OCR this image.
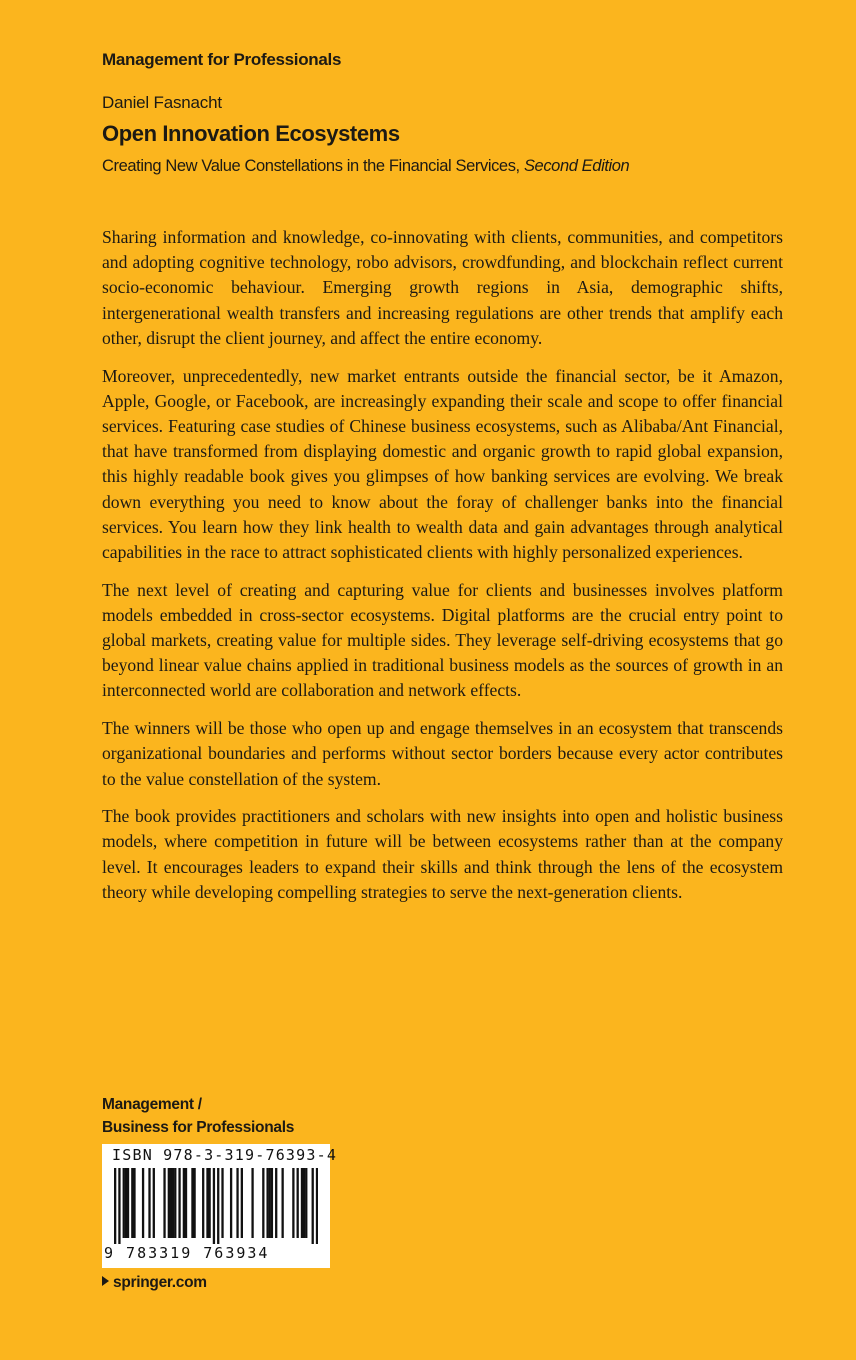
Management for Professionals
Daniel Fasnacht
Open Innovation Ecosystems
Creating New Value Constellations in the Financial Services, Second Edition

Sharing information and knowledge, co-innovating with clients, communities, and competitors and adopting cognitive technology, robo advisors, crowdfunding, and blockchain reflect current socio-economic behaviour. Emerging growth regions in Asia, demographic shifts, intergenerational wealth transfers and increasing regulations are other trends that amplify each other, disrupt the client journey, and affect the entire economy.

Moreover, unprecedentedly, new market entrants outside the financial sector, be it Amazon, Apple, Google, or Facebook, are increasingly expanding their scale and scope to offer financial services. Featuring case studies of Chinese business ecosystems, such as Alibaba/Ant Financial, that have transformed from displaying domestic and organic growth to rapid global expansion, this highly readable book gives you glimpses of how banking services are evolving. We break down everything you need to know about the foray of challenger banks into the financial services. You learn how they link health to wealth data and gain advantages through analytical capabilities in the race to attract sophisticated clients with highly personalized experiences.

The next level of creating and capturing value for clients and businesses involves platform models embedded in cross-sector ecosystems. Digital platforms are the crucial entry point to global markets, creating value for multiple sides. They leverage self-driving ecosystems that go beyond linear value chains applied in traditional business models as the sources of growth in an interconnected world are collaboration and network effects.

The winners will be those who open up and engage themselves in an ecosystem that transcends organizational boundaries and performs without sector borders because every actor contributes to the value constellation of the system.

The book provides practitioners and scholars with new insights into open and holistic business models, where competition in future will be between ecosystems rather than at the company level. It encourages leaders to expand their skills and think through the lens of the ecosystem theory while developing compelling strategies to serve the next-generation clients.

Management /
Business for Professionals
ISBN 978-3-319-76393-4
9 783319 763934
springer.com
